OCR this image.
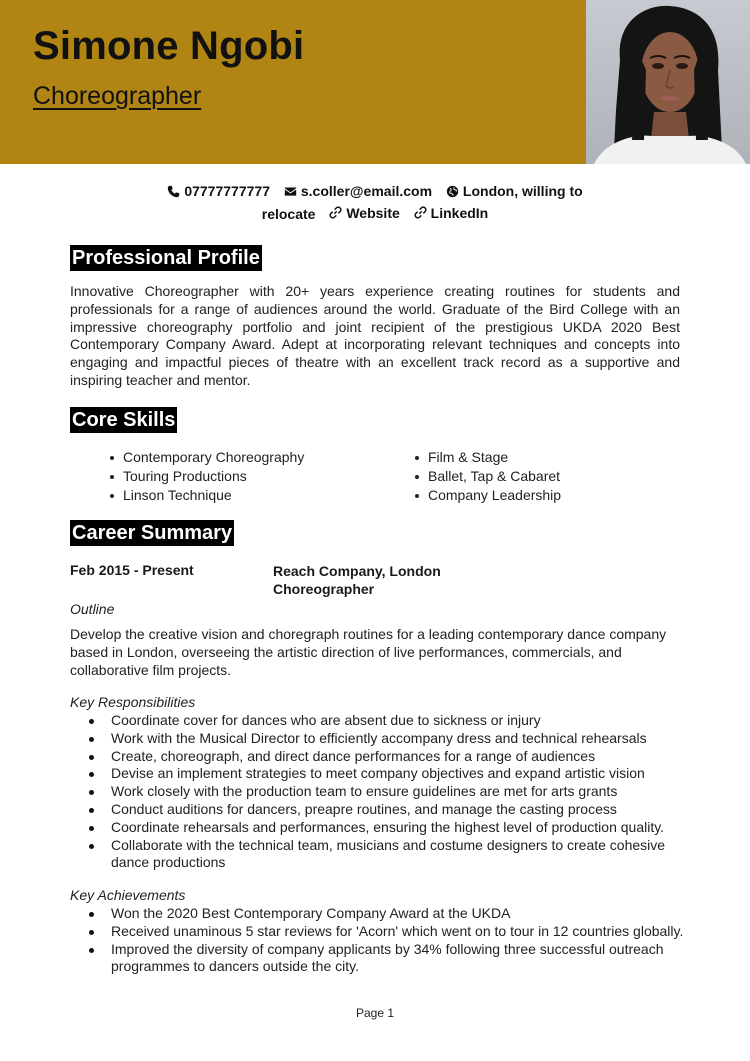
Simone Ngobi
Choreographer
07777777777
s.coller@email.com
London, willing to
relocate Website
LinkedIn
Professional Profile
Innovative Choreographer with 20+ years experience creating routines for students and professionals for a range of audiences around the world. Graduate of the Bird College with an impressive choreography portfolio and joint recipient of the prestigious UKDA 2020 Best Contemporary Company Award. Adept at incorporating relevant techniques and concepts into engaging and impactful pieces of theatre with an excellent track record as a supportive and inspiring teacher and mentor.
Core Skills
Contemporary Choreography
Touring Productions
Linson Technique
Film & Stage
Ballet, Tap & Cabaret
Company Leadership
Career Summary
Feb 2015 - Present	Reach Company, London
Choreographer
Outline
Develop the creative vision and choregraph routines for a leading contemporary dance company based in London, overseeing the artistic direction of live performances, commercials, and collaborative film projects.
Key Responsibilities
Coordinate cover for dances who are absent due to sickness or injury
Work with the Musical Director to efficiently accompany dress and technical rehearsals
Create, choreograph, and direct dance performances for a range of audiences
Devise an implement strategies to meet company objectives and expand artistic vision
Work closely with the production team to ensure guidelines are met for arts grants
Conduct auditions for dancers, preapre routines, and manage the casting process
Coordinate rehearsals and performances, ensuring the highest level of production quality.
Collaborate with the technical team, musicians and costume designers to create cohesive dance productions
Key Achievements
Won the 2020 Best Contemporary Company Award at the UKDA
Received unaminous 5 star reviews for 'Acorn' which went on to tour in 12 countries globally.
Improved the diversity of company applicants by 34% following three successful outreach programmes to dancers outside the city.
Page 1
